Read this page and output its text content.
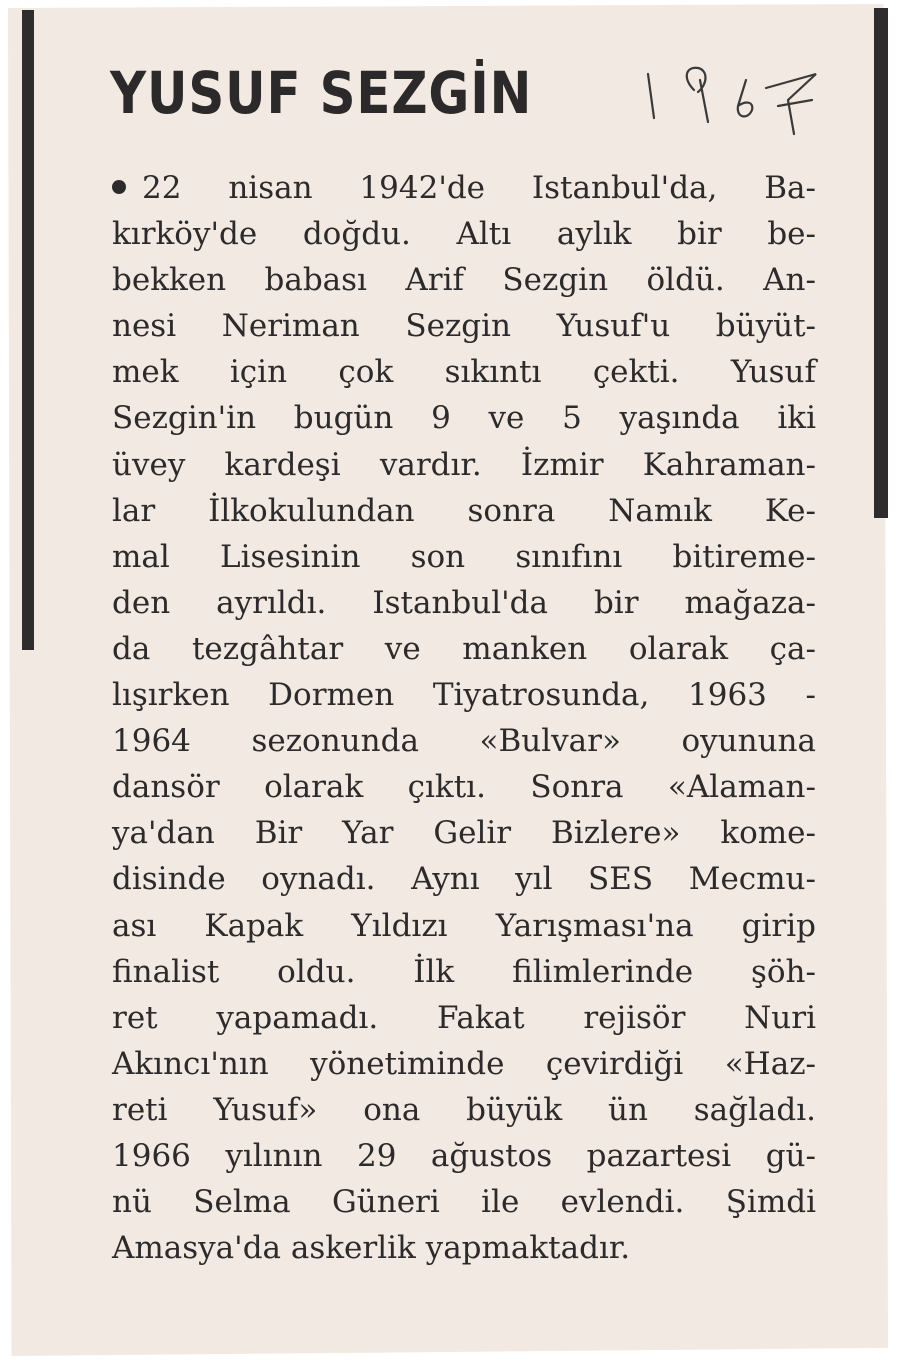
YUSUF SEZGİN
22 nisan 1942'de Istanbul'da, Ba-
kırköy'de doğdu. Altı aylık bir be-
bekken babası Arif Sezgin öldü. An-
nesi Neriman Sezgin Yusuf'u büyüt-
mek için çok sıkıntı çekti. Yusuf
Sezgin'in bugün 9 ve 5 yaşında iki
üvey kardeşi vardır. İzmir Kahraman-
lar İlkokulundan sonra Namık Ke-
mal Lisesinin son sınıfını bitireme-
den ayrıldı. Istanbul'da bir mağaza-
da tezgâhtar ve manken olarak ça-
lışırken Dormen Tiyatrosunda, 1963 -
1964 sezonunda «Bulvar» oyununa
dansör olarak çıktı. Sonra «Alaman-
ya'dan Bir Yar Gelir Bizlere» kome-
disinde oynadı. Aynı yıl SES Mecmu-
ası Kapak Yıldızı Yarışması'na girip
finalist oldu. İlk filimlerinde şöh-
ret yapamadı. Fakat rejisör Nuri
Akıncı'nın yönetiminde çevirdiği «Haz-
reti Yusuf» ona büyük ün sağladı.
1966 yılının 29 ağustos pazartesi gü-
nü Selma Güneri ile evlendi. Şimdi
Amasya'da askerlik yapmaktadır.
